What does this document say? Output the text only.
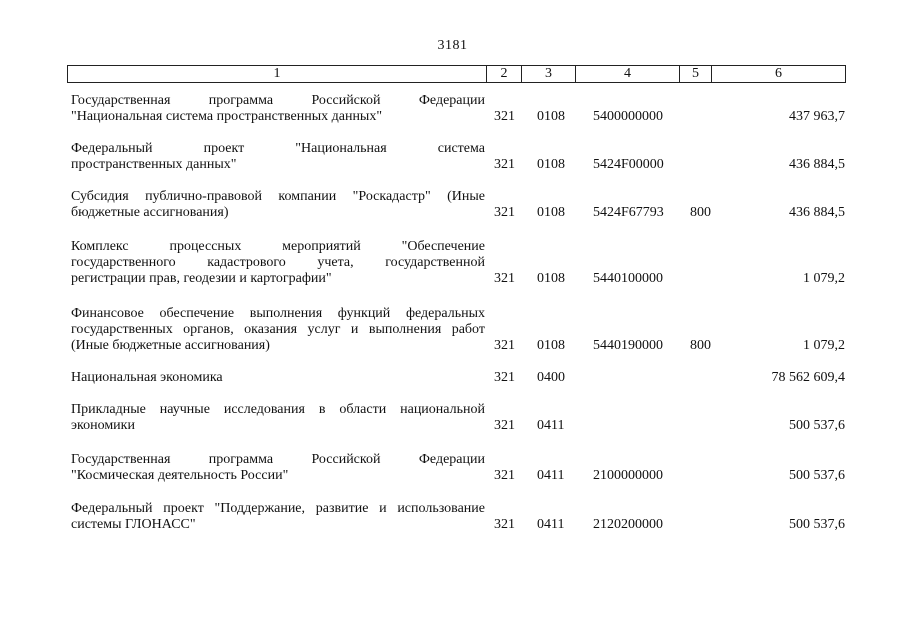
3181
1	2	3	4	5	6
Государственная программа Российской Федерации
"Национальная система пространственных данных"	321 0108 5400000000	437 963,7
Федеральный проект "Национальная система
пространственных данных"	321 0108 5424F00000	436 884,5
Субсидия публично-правовой компании "Роскадастр" (Иные
бюджетные ассигнования)	321 0108 5424F67793 800	436 884,5
Комплекс процессных мероприятий "Обеспечение
государственного кадастрового учета, государственной
регистрации прав, геодезии и картографии"	321 0108 5440100000	1 079,2
Финансовое обеспечение выполнения функций федеральных
государственных органов, оказания услуг и выполнения работ
(Иные бюджетные ассигнования)	321 0108 5440190000 800	1 079,2
Национальная экономика	321 0400	78 562 609,4
Прикладные научные исследования в области национальной
экономики	321 0411	500 537,6
Государственная программа Российской Федерации
"Космическая деятельность России"	321 0411 2100000000	500 537,6
Федеральный проект "Поддержание, развитие и использование
системы ГЛОНАСС"	321 0411 2120200000	500 537,6
